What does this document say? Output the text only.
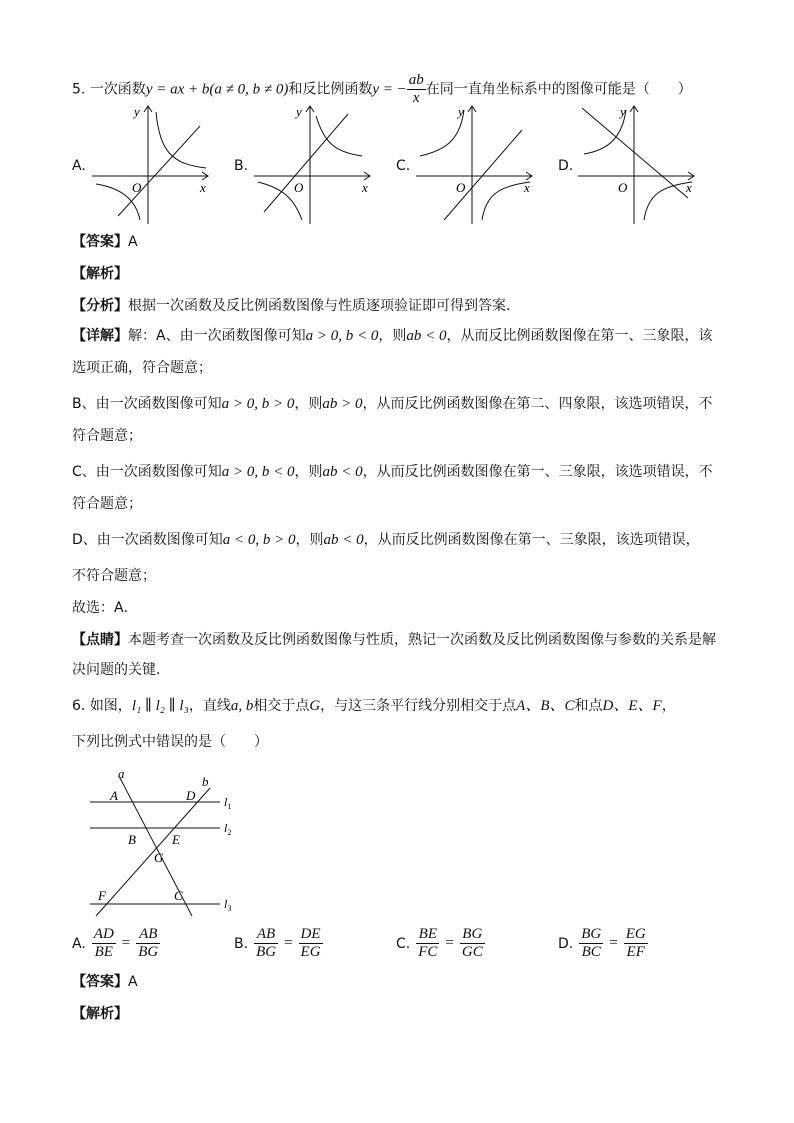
5. 一次函数y = ax + b(a ≠ 0, b ≠ 0)和反比例函数y = − $\frac{ab}{x}$ 在同一直角坐标系中的图像可能是（　　）
A.	B.	C.	D.
y
x
O
y
x
O
y
x
O
y
x
O
【答案】A
【解析】
【分析】根据一次函数及反比例函数图像与性质逐项验证即可得到答案．
【详解】解：A、由一次函数图像可知a > 0, b < 0，则ab < 0，从而反比例函数图像在第一、三象限，该
选项正确，符合题意；
B、由一次函数图像可知a > 0, b > 0，则ab > 0，从而反比例函数图像在第二、四象限，该选项错误，不
符合题意；
C、由一次函数图像可知a > 0, b < 0，则ab < 0，从而反比例函数图像在第一、三象限，该选项错误，不
符合题意；
D、由一次函数图像可知a < 0, b > 0，则ab < 0，从而反比例函数图像在第一、三象限，该选项错误，
不符合题意；
故选：A．
【点睛】本题考查一次函数及反比例函数图像与性质，熟记一次函数及反比例函数图像与参数的关系是解
决问题的关键．
6. 如图，l₁ ∥ l₂ ∥ l₃，直线a, b相交于点G，与这三条平行线分别相交于点A、B、C和点D、E、F，
下列比例式中错误的是（　　）
a
b
A	D
B	E
G
F	C
$l_1$
$l_2$
$l_3$
A. $\frac{AD}{BE} = \frac{AB}{BG}$	B. $\frac{AB}{BG} = \frac{DE}{EG}$	C. $\frac{BE}{FC} = \frac{BG}{GC}$	D. $\frac{BG}{BC} = \frac{EG}{EF}$
【答案】A
【解析】
